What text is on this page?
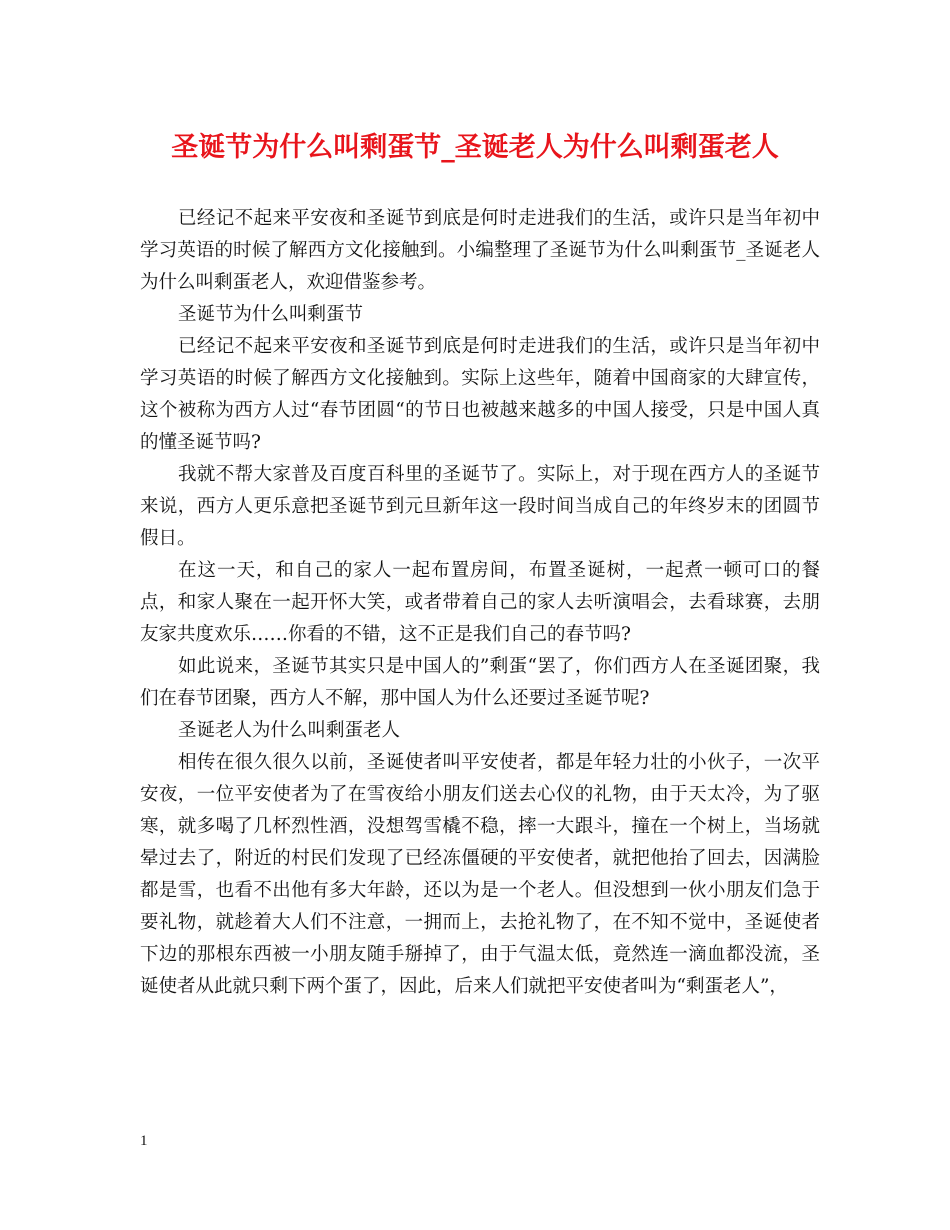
圣诞节为什么叫剩蛋节_圣诞老人为什么叫剩蛋老人

已经记不起来平安夜和圣诞节到底是何时走进我们的生活，或许只是当年初中学习英语的时候了解西方文化接触到。小编整理了圣诞节为什么叫剩蛋节_圣诞老人为什么叫剩蛋老人，欢迎借鉴参考。

圣诞节为什么叫剩蛋节

已经记不起来平安夜和圣诞节到底是何时走进我们的生活，或许只是当年初中学习英语的时候了解西方文化接触到。实际上这些年，随着中国商家的大肆宣传，这个被称为西方人过“春节团圆“的节日也被越来越多的中国人接受，只是中国人真的懂圣诞节吗?

我就不帮大家普及百度百科里的圣诞节了。实际上，对于现在西方人的圣诞节来说，西方人更乐意把圣诞节到元旦新年这一段时间当成自己的年终岁末的团圆节假日。

在这一天，和自己的家人一起布置房间，布置圣诞树，一起煮一顿可口的餐点，和家人聚在一起开怀大笑，或者带着自己的家人去听演唱会，去看球赛，去朋友家共度欢乐……你看的不错，这不正是我们自己的春节吗?

如此说来，圣诞节其实只是中国人的”剩蛋“罢了，你们西方人在圣诞团聚，我们在春节团聚，西方人不解，那中国人为什么还要过圣诞节呢?

圣诞老人为什么叫剩蛋老人

相传在很久很久以前，圣诞使者叫平安使者，都是年轻力壮的小伙子，一次平安夜，一位平安使者为了在雪夜给小朋友们送去心仪的礼物，由于天太冷，为了驱寒，就多喝了几杯烈性酒，没想驾雪橇不稳，摔一大跟斗，撞在一个树上，当场就晕过去了，附近的村民们发现了已经冻僵硬的平安使者，就把他抬了回去，因满脸都是雪，也看不出他有多大年龄，还以为是一个老人。但没想到一伙小朋友们急于要礼物，就趁着大人们不注意，一拥而上，去抢礼物了，在不知不觉中，圣诞使者下边的那根东西被一小朋友随手掰掉了，由于气温太低，竟然连一滴血都没流，圣诞使者从此就只剩下两个蛋了，因此，后来人们就把平安使者叫为“剩蛋老人”，

1
